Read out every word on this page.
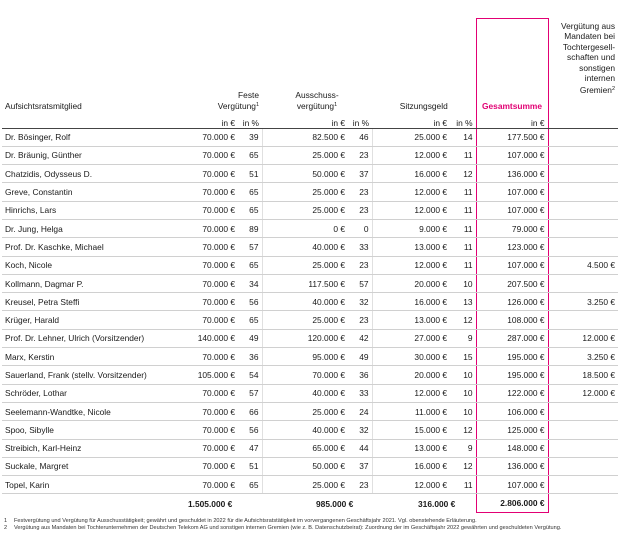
Aufsichtsratsmitglied	Feste
Vergütung$^1$		Ausschuss-
vergütung$^1$		Sitzungsgeld		Gesamtsumme	Vergütung aus Mandaten bei Tochtergesell-schaften und sonstigen internen Gremien$^2$
	in €	in %	in €	in %	in €	in %	in €	
Dr. Bösinger, Rolf	70.000 €	39	82.500 €	46	25.000 €	14	177.500 €	
Dr. Bräunig, Günther	70.000 €	65	25.000 €	23	12.000 €	11	107.000 €	
Chatzidis, Odysseus D.	70.000 €	51	50.000 €	37	16.000 €	12	136.000 €	
Greve, Constantin	70.000 €	65	25.000 €	23	12.000 €	11	107.000 €	
Hinrichs, Lars	70.000 €	65	25.000 €	23	12.000 €	11	107.000 €	
Dr. Jung, Helga	70.000 €	89	0 €	0	9.000 €	11	79.000 €	
Prof. Dr. Kaschke, Michael	70.000 €	57	40.000 €	33	13.000 €	11	123.000 €	
Koch, Nicole	70.000 €	65	25.000 €	23	12.000 €	11	107.000 €	4.500 €
Kollmann, Dagmar P.	70.000 €	34	117.500 €	57	20.000 €	10	207.500 €	
Kreusel, Petra Steffi	70.000 €	56	40.000 €	32	16.000 €	13	126.000 €	3.250 €
Krüger, Harald	70.000 €	65	25.000 €	23	13.000 €	12	108.000 €	
Prof. Dr. Lehner, Ulrich (Vorsitzender)	140.000 €	49	120.000 €	42	27.000 €	9	287.000 €	12.000 €
Marx, Kerstin	70.000 €	36	95.000 €	49	30.000 €	15	195.000 €	3.250 €
Sauerland, Frank (stellv. Vorsitzender)	105.000 €	54	70.000 €	36	20.000 €	10	195.000 €	18.500 €
Schröder, Lothar	70.000 €	57	40.000 €	33	12.000 €	10	122.000 €	12.000 €
Seelemann-Wandtke, Nicole	70.000 €	66	25.000 €	24	11.000 €	10	106.000 €	
Spoo, Sibylle	70.000 €	56	40.000 €	32	15.000 €	12	125.000 €	
Streibich, Karl-Heinz	70.000 €	47	65.000 €	44	13.000 €	9	148.000 €	
Suckale, Margret	70.000 €	51	50.000 €	37	16.000 €	12	136.000 €	
Topel, Karin	70.000 €	65	25.000 €	23	12.000 €	11	107.000 €	
	1.505.000 €		985.000 €		316.000 €		2.806.000 €	
1	Festvergütung und Vergütung für Ausschusstätigkeit; gewährt und geschuldet in 2022 für die Aufsichtsratstätigkeit im vorvergangenen Geschäftsjahr 2021. Vgl. obenstehende Erläuterung.
2	Vergütung aus Mandaten bei Tochterunternehmen der Deutschen Telekom AG und sonstigen internen Gremien (wie z. B. Datenschutzbeirat): Zuordnung der im Geschäftsjahr 2022 gewährten und geschuldeten Vergütung.
